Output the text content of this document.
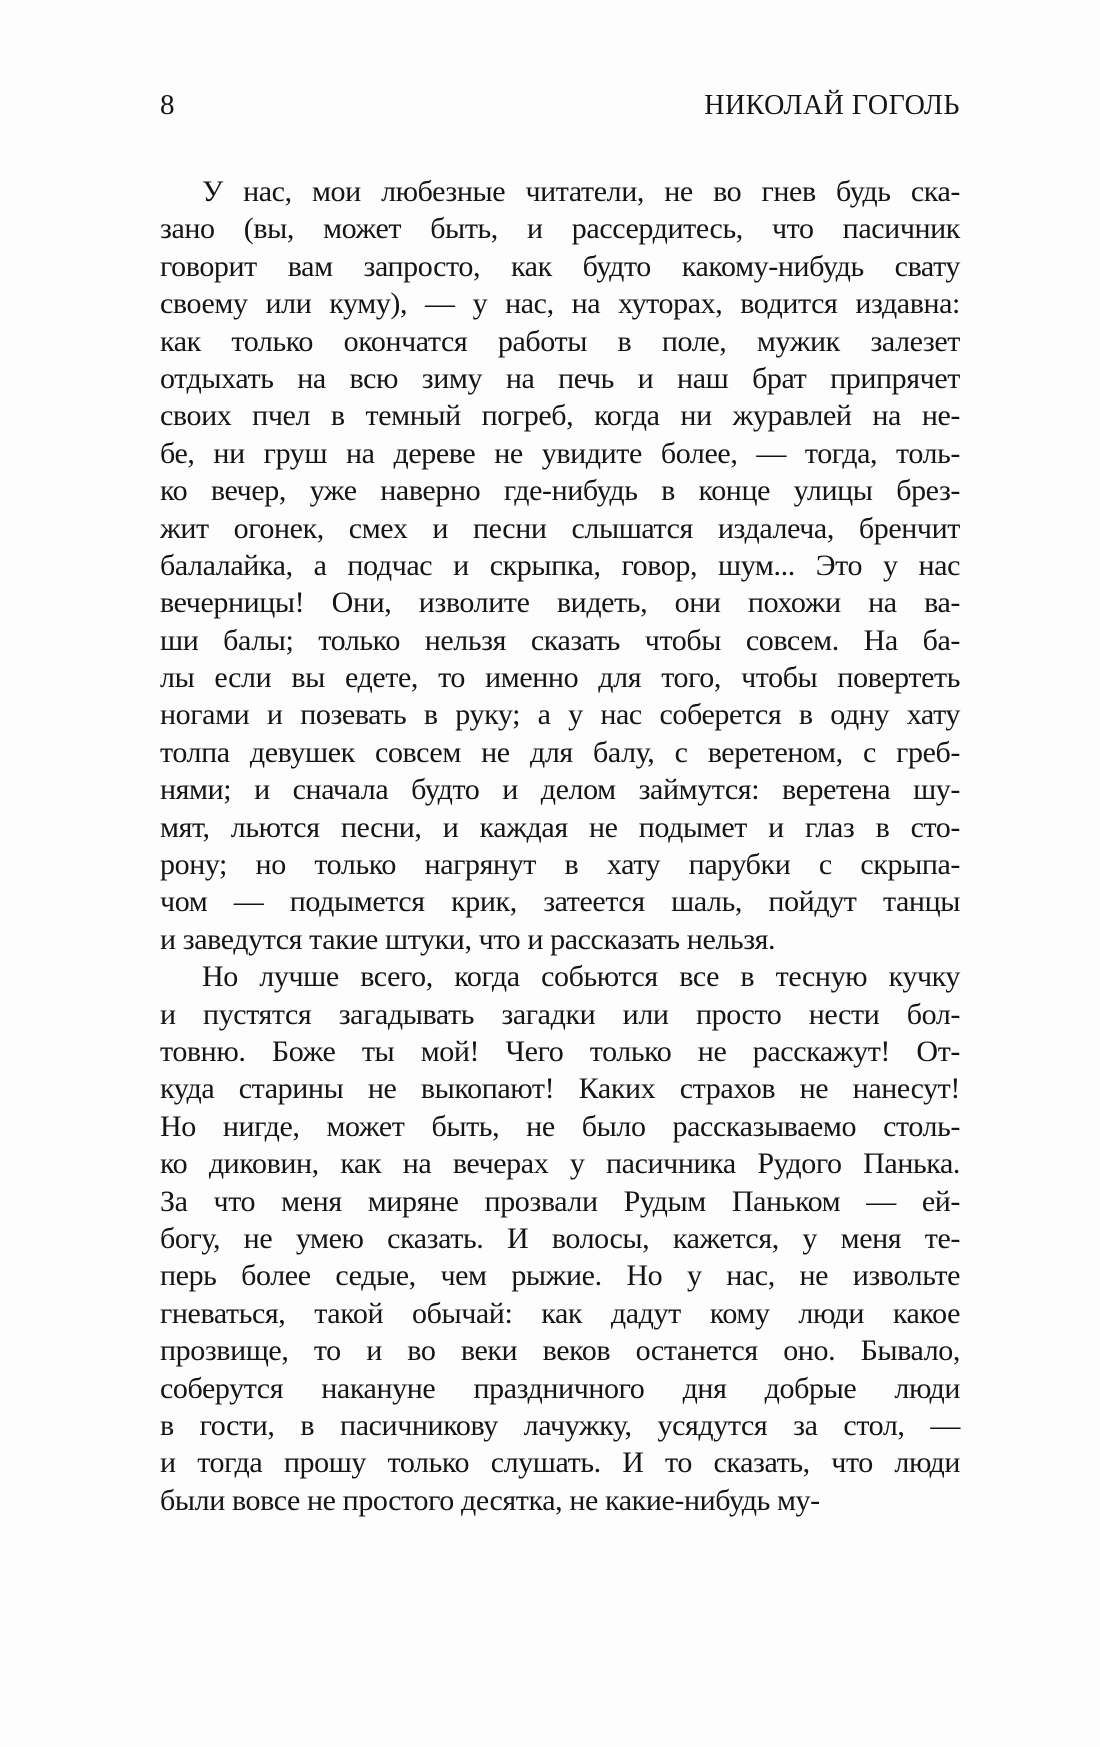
8	НИКОЛАЙ ГОГОЛЬ
У нас, мои любезные читатели, не во гнев будь ска-
зано (вы, может быть, и рассердитесь, что пасичник
говорит вам запросто, как будто какому-нибудь свату
своему или куму), — у нас, на хуторах, водится издавна:
как только окончатся работы в поле, мужик залезет
отдыхать на всю зиму на печь и наш брат припрячет
своих пчел в темный погреб, когда ни журавлей на не-
бе, ни груш на дереве не увидите более, — тогда, толь-
ко вечер, уже наверно где-нибудь в конце улицы брез-
жит огонек, смех и песни слышатся издалеча, бренчит
балалайка, а подчас и скрыпка, говор, шум... Это у нас
вечерницы! Они, изволите видеть, они похожи на ва-
ши балы; только нельзя сказать чтобы совсем. На ба-
лы если вы едете, то именно для того, чтобы повертеть
ногами и позевать в руку; а у нас соберется в одну хату
толпа девушек совсем не для балу, с веретеном, с греб-
нями; и сначала будто и делом займутся: веретена шу-
мят, льются песни, и каждая не подымет и глаз в сто-
рону; но только нагрянут в хату парубки с скрыпа-
чом — подымется крик, затеется шаль, пойдут танцы
и заведутся такие штуки, что и рассказать нельзя.
Но лучше всего, когда собьются все в тесную кучку
и пустятся загадывать загадки или просто нести бол-
товню. Боже ты мой! Чего только не расскажут! От-
куда старины не выкопают! Каких страхов не нанесут!
Но нигде, может быть, не было рассказываемо столь-
ко диковин, как на вечерах у пасичника Рудого Панька.
За что меня миряне прозвали Рудым Паньком — ей-
богу, не умею сказать. И волосы, кажется, у меня те-
перь более седые, чем рыжие. Но у нас, не извольте
гневаться, такой обычай: как дадут кому люди какое
прозвище, то и во веки веков останется оно. Бывало,
соберутся накануне праздничного дня добрые люди
в гости, в пасичникову лачужку, усядутся за стол, —
и тогда прошу только слушать. И то сказать, что люди
были вовсе не простого десятка, не какие-нибудь му-
